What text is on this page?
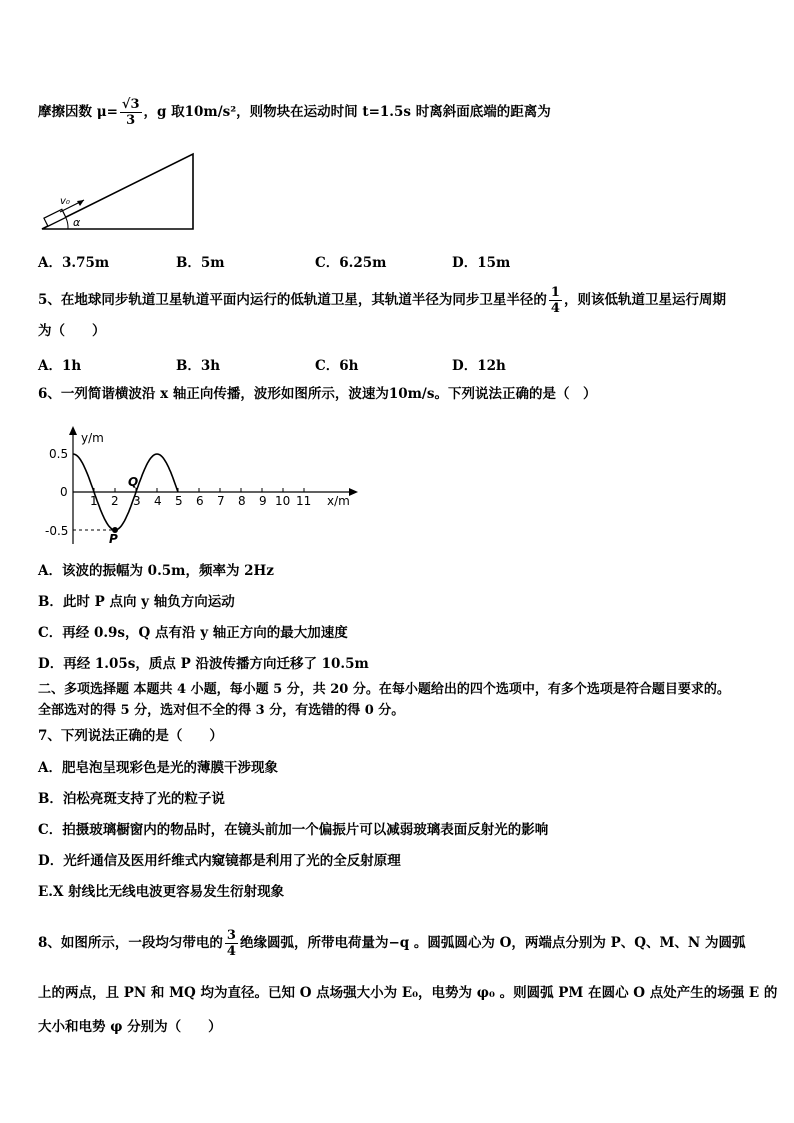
摩擦因数 $\mu= \frac{√3}{3}$ ，g 取10m/s²，则物块在运动时间 t=1.5s 时离斜面底端的距离为
v₀
α
A．3.75m	B．5m	C．6.25m	D．15m
5、在地球同步轨道卫星轨道平面内运行的低轨道卫星，其轨道半径为同步卫星半径的 $\frac{1}{4}$ ，则该低轨道卫星运行周期
为（　　）
A．1h	B．3h	C．6h	D．12h
6、一列简谐横波沿 x 轴正向传播，波形如图所示，波速为10m/s。下列说法正确的是（　）
y/m
x/m
0.5
0
-0.5
1 2 3 4 5 6 7 8 9 10 11
P
Q
A．该波的振幅为 0.5m，频率为 2Hz
B．此时 P 点向 y 轴负方向运动
C．再经 0.9s，Q 点有沿 y 轴正方向的最大加速度
D．再经 1.05s，质点 P 沿波传播方向迁移了 10.5m
二、多项选择题 本题共 4 小题，每小题 5 分，共 20 分。在每小题给出的四个选项中，有多个选项是符合题目要求的。
全部选对的得 5 分，选对但不全的得 3 分，有选错的得 0 分。
7、下列说法正确的是（　　）
A．肥皂泡呈现彩色是光的薄膜干涉现象
B．泊松亮斑支持了光的粒子说
C．拍摄玻璃橱窗内的物品时，在镜头前加一个偏振片可以减弱玻璃表面反射光的影响
D．光纤通信及医用纤维式内窥镜都是利用了光的全反射原理
E.X 射线比无线电波更容易发生衍射现象
8、如图所示，一段均匀带电的 $\frac{3}{4}$ 绝缘圆弧，所带电荷量为−q 。圆弧圆心为 O，两端点分别为 P、Q、M、N 为圆弧
上的两点，且 PN 和 MQ 均为直径。已知 O 点场强大小为 E₀，电势为 φ₀ 。则圆弧 PM 在圆心 O 点处产生的场强 E 的
大小和电势 φ 分别为（　　）
